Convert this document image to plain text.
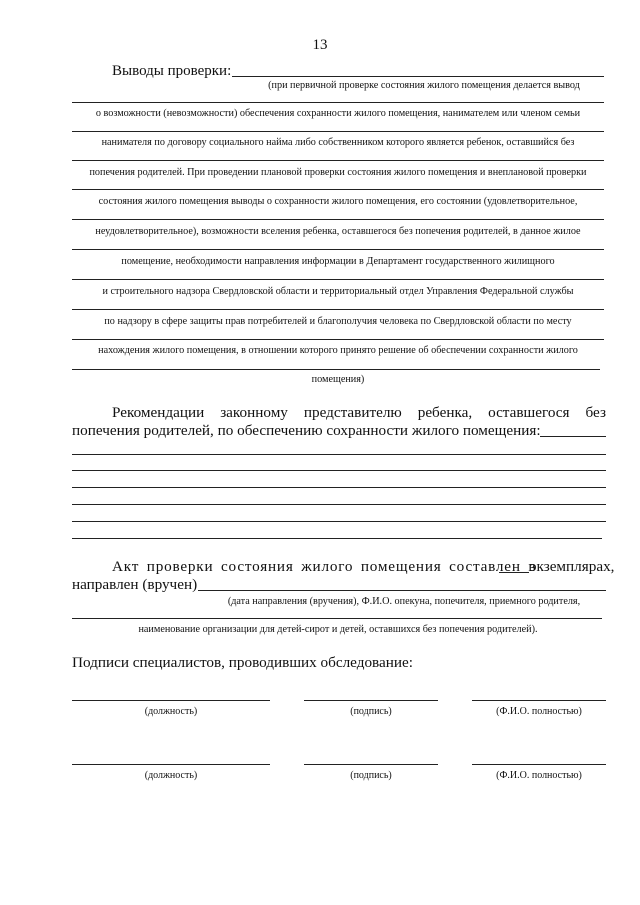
13
Выводы проверки:
(при первичной проверке состояния жилого помещения делается вывод
о возможности (невозможности) обеспечения сохранности жилого помещения, нанимателем или членом семьи
нанимателя по договору социального найма либо собственником которого является ребенок, оставшийся без
попечения родителей. При проведении плановой проверки состояния жилого помещения и внеплановой проверки
состояния жилого помещения выводы о сохранности жилого помещения, его состоянии (удовлетворительное,
неудовлетворительное), возможности вселения ребенка, оставшегося без попечения родителей, в данное жилое
помещение, необходимости направления информации в Департамент государственного жилищного
и строительного надзора Свердловской области и территориальный отдел Управления Федеральной службы
по надзору в сфере защиты прав потребителей и благополучия человека по Свердловской области по месту
нахождения жилого помещения, в отношении которого принято решение об обеспечении сохранности жилого
помещения)
Рекомендации законному представителю ребенка, оставшегося без
попечения родителей, по обеспечению сохранности жилого помещения:
Акт проверки состояния жилого помещения составлен в
экземплярах,
направлен (вручен)
(дата направления (вручения), Ф.И.О. опекуна, попечителя, приемного родителя,
наименование организации для детей-сирот и детей, оставшихся без попечения родителей).
Подписи специалистов, проводивших обследование:
(должность)	(подпись)	(Ф.И.О. полностью)
(должность)	(подпись)	(Ф.И.О. полностью)
